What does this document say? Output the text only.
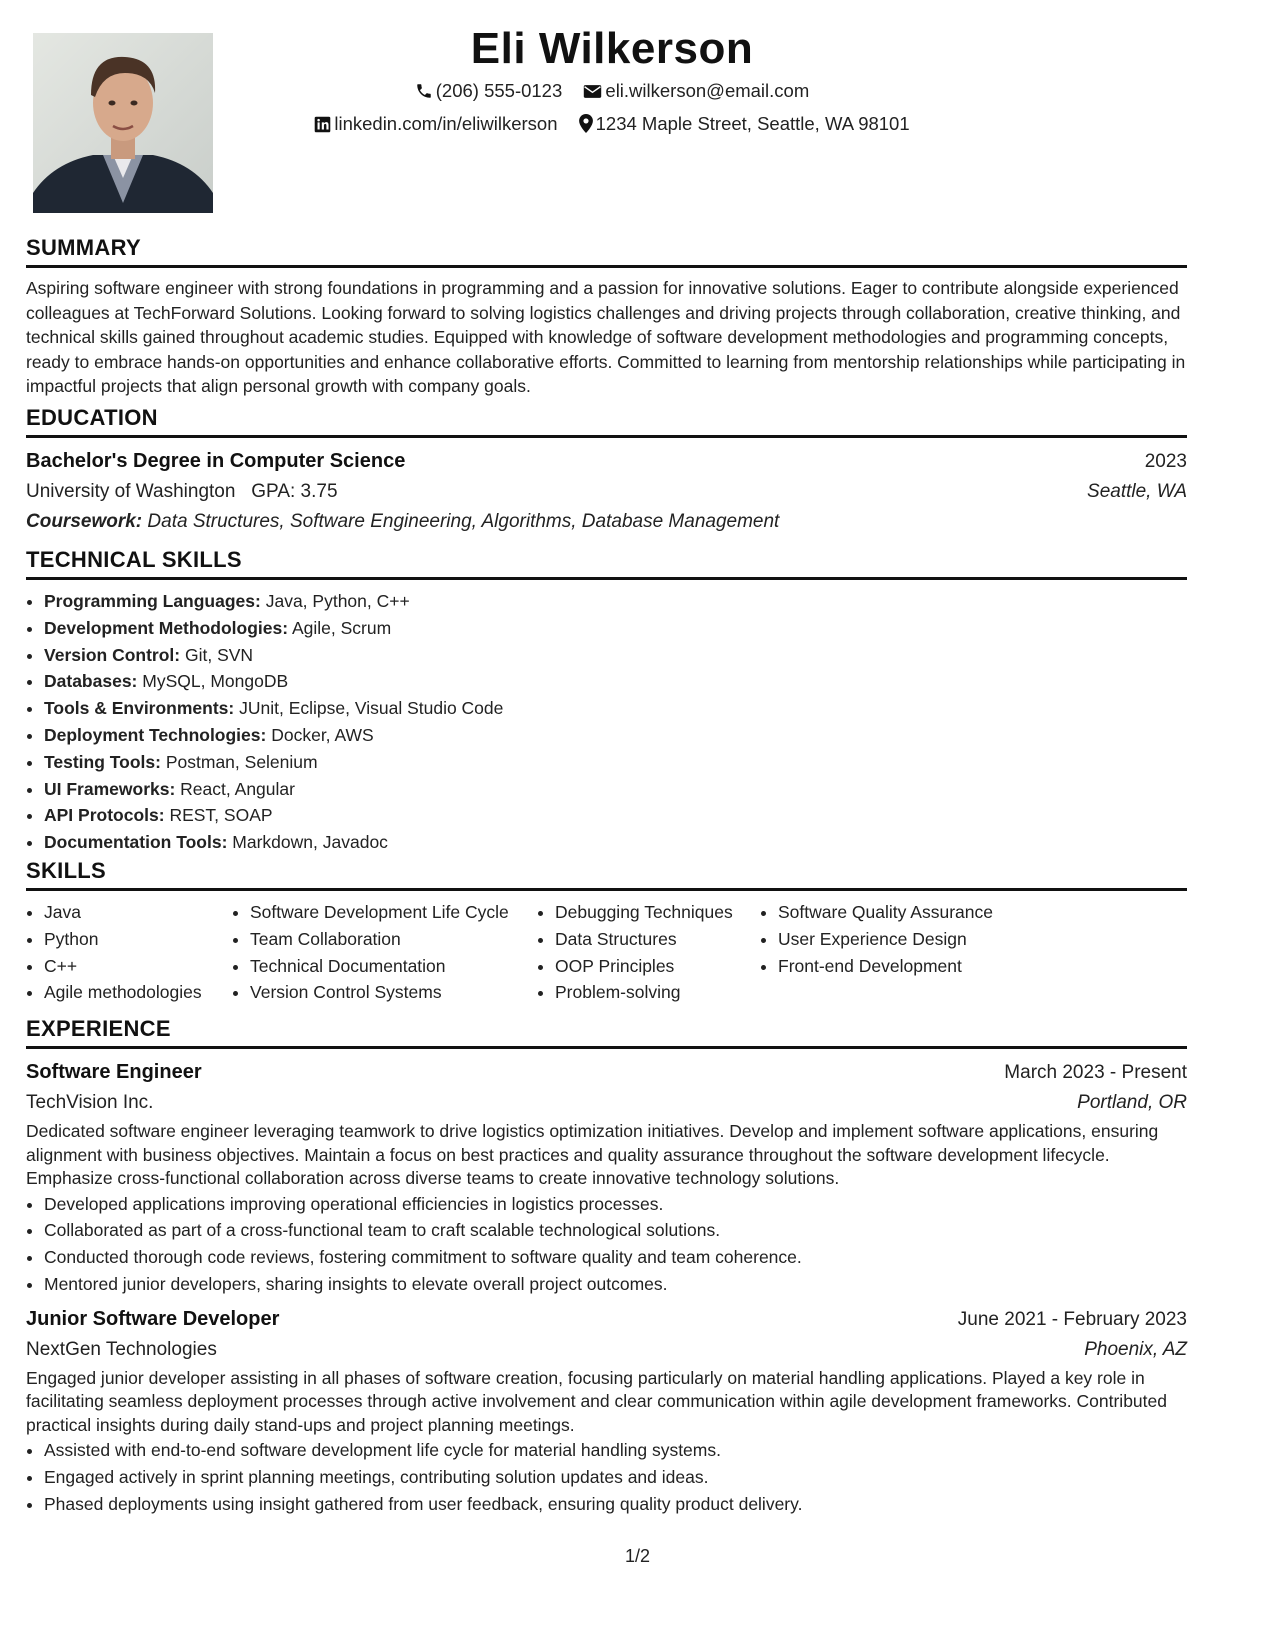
Eli Wilkerson
(206) 555-0123 eli.wilkerson@email.com
linkedin.com/in/eliwilkerson 1234 Maple Street, Seattle, WA 98101
SUMMARY

Aspiring software engineer with strong foundations in programming and a passion for innovative solutions. Eager to contribute alongside experienced colleagues at TechForward Solutions. Looking forward to solving logistics challenges and driving projects through collaboration, creative thinking, and technical skills gained throughout academic studies. Equipped with knowledge of software development methodologies and programming concepts, ready to embrace hands-on opportunities and enhance collaborative efforts. Committed to learning from mentorship relationships while participating in impactful projects that align personal growth with company goals.

EDUCATION
Bachelor's Degree in Computer Science	2023
University of Washington GPA: 3.75	Seattle, WA
Coursework: Data Structures, Software Engineering, Algorithms, Database Management
TECHNICAL SKILLS
• Programming Languages: Java, Python, C++
• Development Methodologies: Agile, Scrum
• Version Control: Git, SVN
• Databases: MySQL, MongoDB
• Tools & Environments: JUnit, Eclipse, Visual Studio Code
• Deployment Technologies: Docker, AWS
• Testing Tools: Postman, Selenium
• UI Frameworks: React, Angular
• API Protocols: REST, SOAP
• Documentation Tools: Markdown, Javadoc
SKILLS
• Java
• Python
• C++
• Agile methodologies
• Software Development Life Cycle
• Team Collaboration
• Technical Documentation
• Version Control Systems
• Debugging Techniques
• Data Structures
• OOP Principles
• Problem-solving
• Software Quality Assurance
• User Experience Design
• Front-end Development
EXPERIENCE
Software Engineer	March 2023 - Present
TechVision Inc.	Portland, OR

Dedicated software engineer leveraging teamwork to drive logistics optimization initiatives. Develop and implement software applications, ensuring alignment with business objectives. Maintain a focus on best practices and quality assurance throughout the software development lifecycle. Emphasize cross-functional collaboration across diverse teams to create innovative technology solutions.

• Developed applications improving operational efficiencies in logistics processes.
• Collaborated as part of a cross-functional team to craft scalable technological solutions.
• Conducted thorough code reviews, fostering commitment to software quality and team coherence.
• Mentored junior developers, sharing insights to elevate overall project outcomes.
Junior Software Developer	June 2021 - February 2023
NextGen Technologies	Phoenix, AZ

Engaged junior developer assisting in all phases of software creation, focusing particularly on material handling applications. Played a key role in facilitating seamless deployment processes through active involvement and clear communication within agile development frameworks. Contributed practical insights during daily stand-ups and project planning meetings.

• Assisted with end-to-end software development life cycle for material handling systems.
• Engaged actively in sprint planning meetings, contributing solution updates and ideas.
• Phased deployments using insight gathered from user feedback, ensuring quality product delivery.
1/2
